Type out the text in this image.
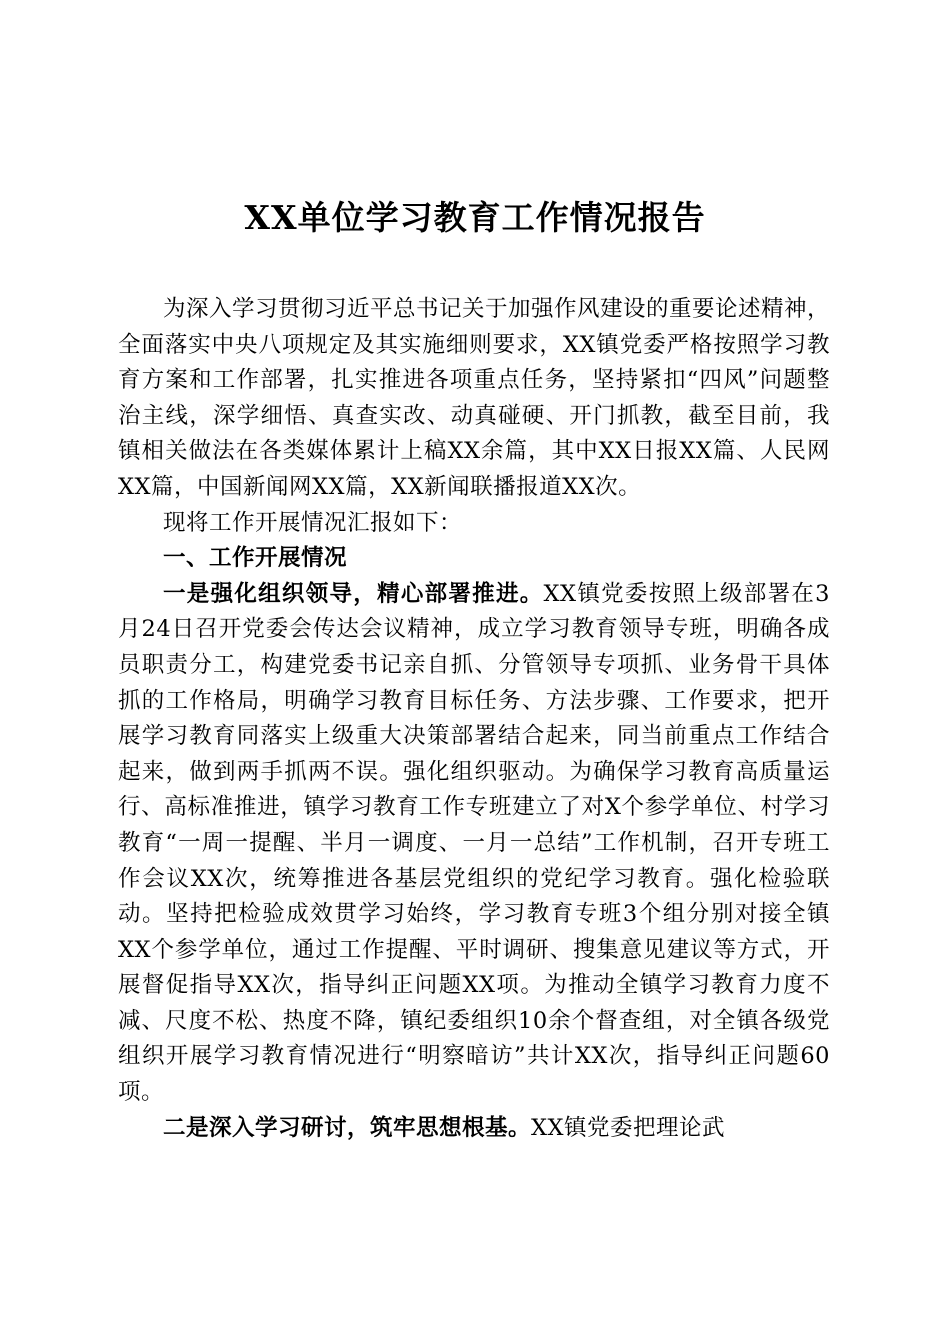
XX单位学习教育工作情况报告

为深入学习贯彻习近平总书记关于加强作风建设的重要论述精神，全面落实中央八项规定及其实施细则要求，XX镇党委严格按照学习教育方案和工作部署，扎实推进各项重点任务，坚持紧扣“四风”问题整治主线，深学细悟、真查实改、动真碰硬、开门抓教，截至目前，我镇相关做法在各类媒体累计上稿XX余篇，其中XX日报XX篇、人民网XX篇，中国新闻网XX篇，XX新闻联播报道XX次。

现将工作开展情况汇报如下：

一、工作开展情况

一是强化组织领导，精心部署推进。XX镇党委按照上级部署在3月24日召开党委会传达会议精神，成立学习教育领导专班，明确各成员职责分工，构建党委书记亲自抓、分管领导专项抓、业务骨干具体抓的工作格局，明确学习教育目标任务、方法步骤、工作要求，把开展学习教育同落实上级重大决策部署结合起来，同当前重点工作结合起来，做到两手抓两不误。强化组织驱动。为确保学习教育高质量运行、高标准推进，镇学习教育工作专班建立了对X个参学单位、村学习教育“一周一提醒、半月一调度、一月一总结”工作机制，召开专班工作会议XX次，统筹推进各基层党组织的党纪学习教育。强化检验联动。坚持把检验成效贯学习始终，学习教育专班3个组分别对接全镇XX个参学单位，通过工作提醒、平时调研、搜集意见建议等方式，开展督促指导XX次，指导纠正问题XX项。为推动全镇学习教育力度不减、尺度不松、热度不降，镇纪委组织10余个督查组，对全镇各级党组织开展学习教育情况进行“明察暗访”共计XX次，指导纠正问题60项。

二是深入学习研讨，筑牢思想根基。XX镇党委把理论武
